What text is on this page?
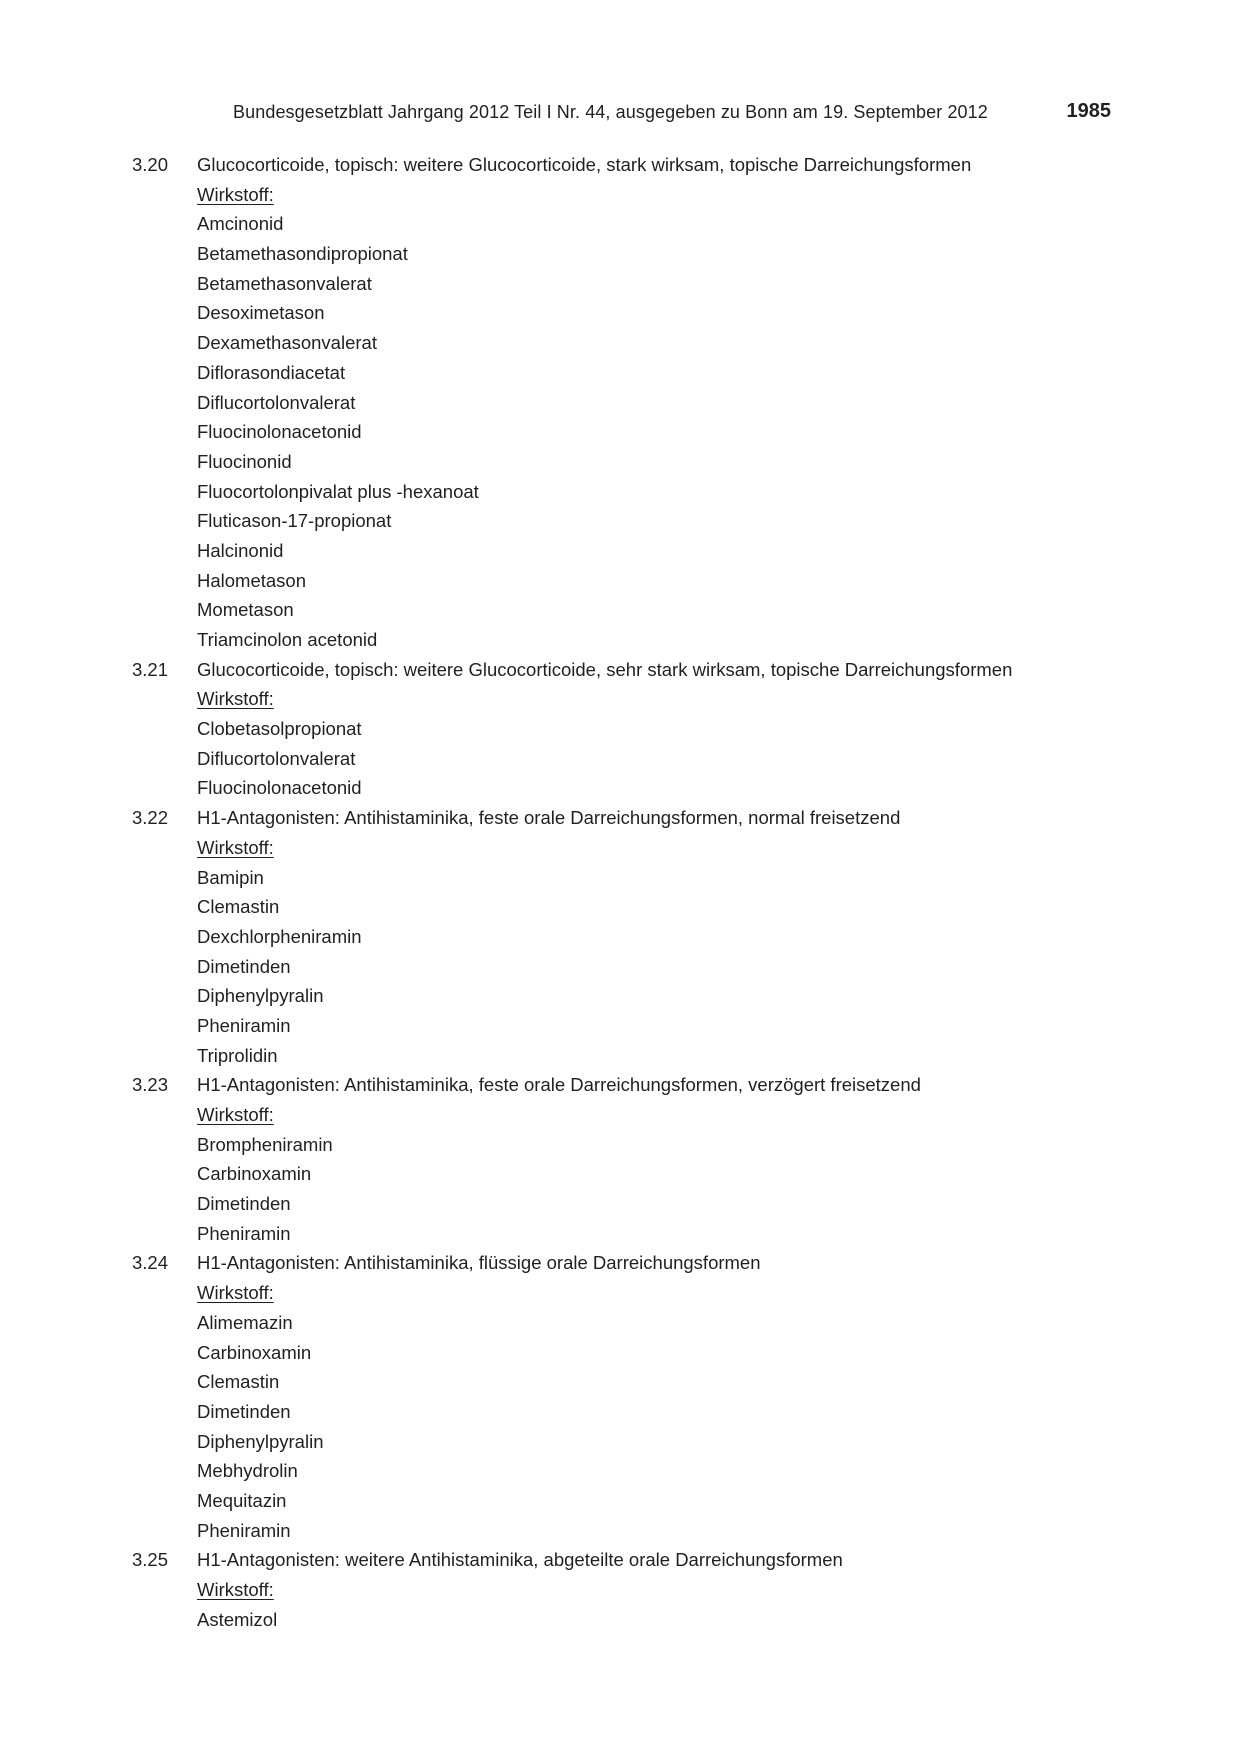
Bundesgesetzblatt Jahrgang 2012 Teil I Nr. 44, ausgegeben zu Bonn am 19. September 2012	1985
3.20	Glucocorticoide, topisch: weitere Glucocorticoide, stark wirksam, topische Darreichungsformen
Wirkstoff:
Amcinonid
Betamethasondipropionat
Betamethasonvalerat
Desoximetason
Dexamethasonvalerat
Diflorasondiacetat
Diflucortolonvalerat
Fluocinolonacetonid
Fluocinonid
Fluocortolonpivalat plus -hexanoat
Fluticason-17-propionat
Halcinonid
Halometason
Mometason
Triamcinolon acetonid
3.21	Glucocorticoide, topisch: weitere Glucocorticoide, sehr stark wirksam, topische Darreichungsformen
Wirkstoff:
Clobetasolpropionat
Diflucortolonvalerat
Fluocinolonacetonid
3.22	H1-Antagonisten: Antihistaminika, feste orale Darreichungsformen, normal freisetzend
Wirkstoff:
Bamipin
Clemastin
Dexchlorpheniramin
Dimetinden
Diphenylpyralin
Pheniramin
Triprolidin
3.23	H1-Antagonisten: Antihistaminika, feste orale Darreichungsformen, verzögert freisetzend
Wirkstoff:
Brompheniramin
Carbinoxamin
Dimetinden
Pheniramin
3.24	H1-Antagonisten: Antihistaminika, flüssige orale Darreichungsformen
Wirkstoff:
Alimemazin
Carbinoxamin
Clemastin
Dimetinden
Diphenylpyralin
Mebhydrolin
Mequitazin
Pheniramin
3.25	H1-Antagonisten: weitere Antihistaminika, abgeteilte orale Darreichungsformen
Wirkstoff:
Astemizol
